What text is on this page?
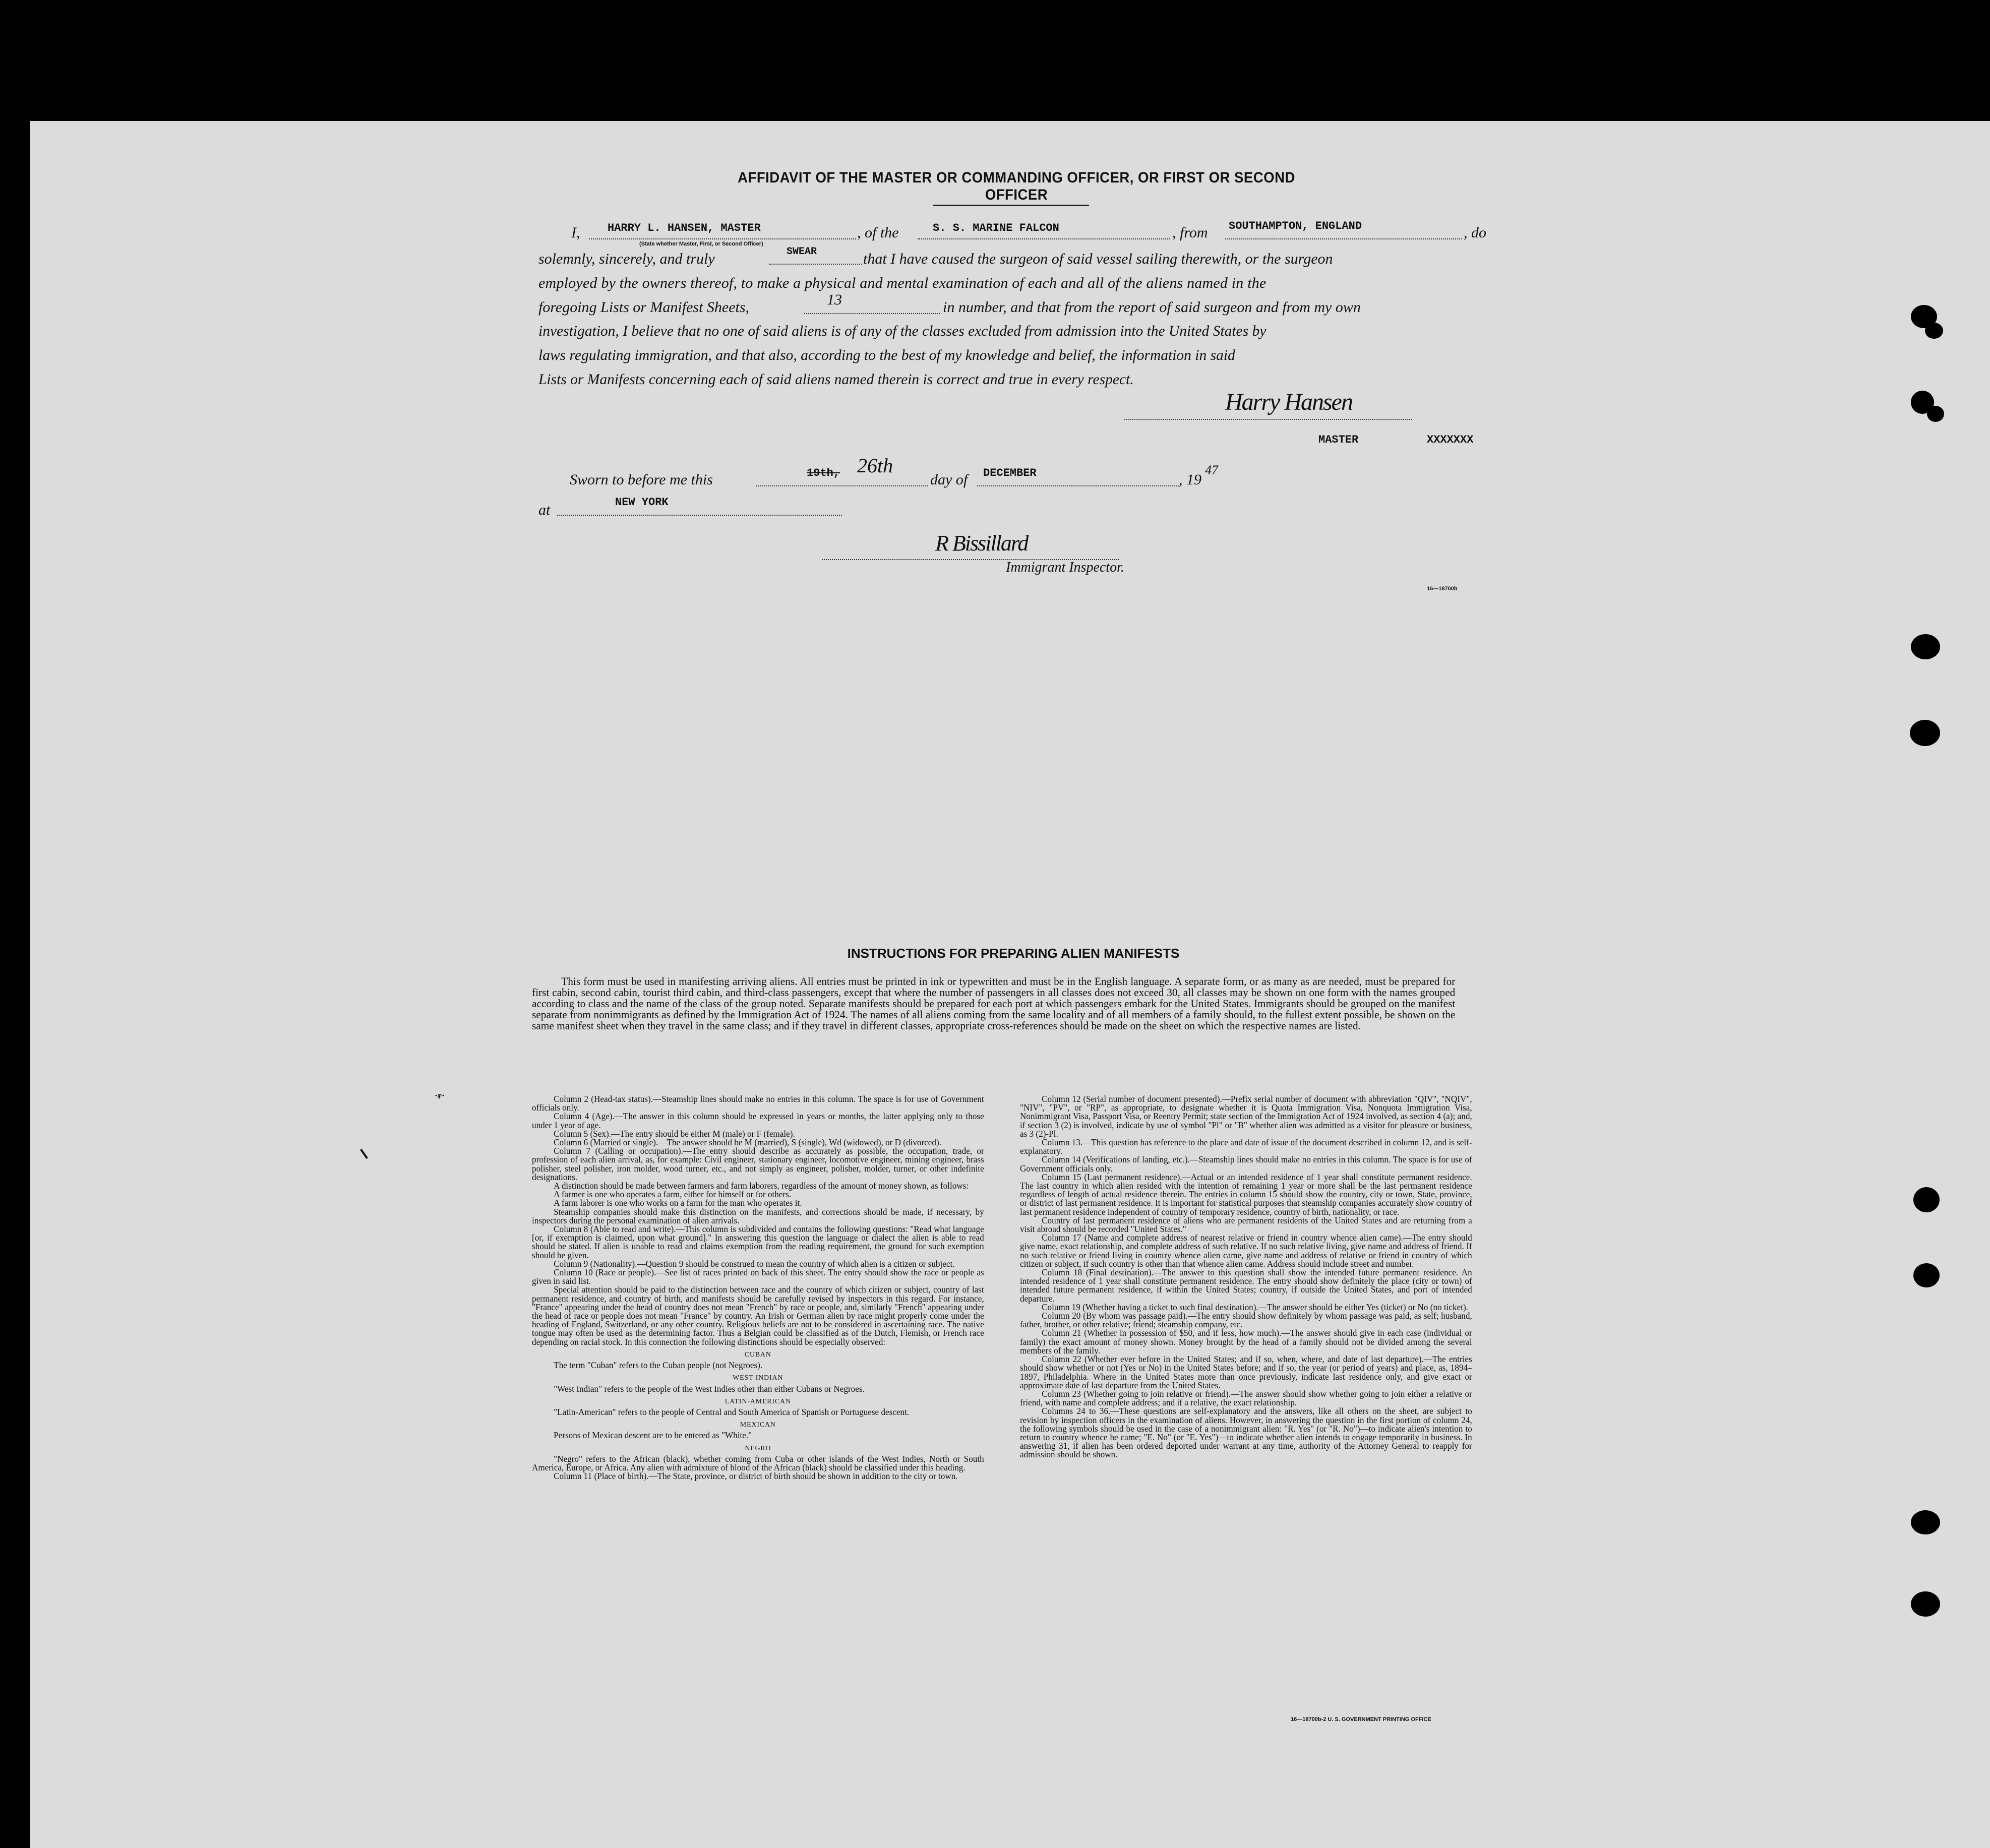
AFFIDAVIT OF THE MASTER OR COMMANDING OFFICER, OR FIRST OR SECOND OFFICER
I, HARRY L. HANSEN, MASTER
(State whether Master, First, or Second Officer)
, of the	S. S. MARINE FALCON	, from SOUTHAMPTON, ENGLAND	, do
solemnly, sincerely, and truly	SWEAR	that I have caused the surgeon of said vessel sailing therewith, or the surgeon
employed by the owners thereof, to make a physical and mental examination of each and all of the aliens named in the
foregoing Lists or Manifest Sheets,	13	in number, and that from the report of said surgeon and from my own
investigation, I believe that no one of said aliens is of any of the classes excluded from admission into the United States by
laws regulating immigration, and that also, according to the best of my knowledge and belief, the information in said
Lists or Manifests concerning each of said aliens named therein is correct and true in every respect.
Harry Hansen
MASTER	XXXXXXX
Sworn to before me this	19th, 26th
day of DECEMBER	, 19
47
at	NEW YORK
R Bissillard
Immigrant Inspector.
16—18700b
INSTRUCTIONS FOR PREPARING ALIEN MANIFESTS
This form must be used in manifesting arriving aliens. All entries must be printed in ink or typewritten and must be in the English language. A separate form, or as many as are needed, must be prepared for first cabin, second cabin, tourist third cabin, and third-class passengers, except that where the number of passengers in all classes does not exceed 30, all classes may be shown on one form with the names grouped according to class and the name of the class of the group noted. Separate manifests should be prepared for each port at which passengers embark for the United States. Immigrants should be grouped on the manifest separate from nonimmigrants as defined by the Immigration Act of 1924. The names of all aliens coming from the same locality and of all members of a family should, to the fullest extent possible, be shown on the same manifest sheet when they travel in the same class; and if they travel in different classes, appropriate cross-references should be made on the sheet on which the respective names are listed.

Column 2 (Head-tax status).—Steamship lines should make no entries in this column. The space is for use of Government officials only.

Column 4 (Age).—The answer in this column should be expressed in years or months, the latter applying only to those under 1 year of age.

Column 5 (Sex).—The entry should be either M (male) or F (female).

Column 6 (Married or single).—The answer should be M (married), S (single), Wd (widowed), or D (divorced).

Column 7 (Calling or occupation).—The entry should describe as accurately as possible, the occupation, trade, or profession of each alien arrival, as, for example: Civil engineer, stationary engineer, locomotive engineer, mining engineer, brass polisher, steel polisher, iron molder, wood turner, etc., and not simply as engineer, polisher, molder, turner, or other indefinite designations.

A distinction should be made between farmers and farm laborers, regardless of the amount of money shown, as follows:

A farmer is one who operates a farm, either for himself or for others.

A farm laborer is one who works on a farm for the man who operates it.

Steamship companies should make this distinction on the manifests, and corrections should be made, if necessary, by inspectors during the personal examination of alien arrivals.

Column 8 (Able to read and write).—This column is subdivided and contains the following questions: "Read what language [or, if exemption is claimed, upon what ground]." In answering this question the language or dialect the alien is able to read should be stated. If alien is unable to read and claims exemption from the reading requirement, the ground for such exemption should be given.

Column 9 (Nationality).—Question 9 should be construed to mean the country of which alien is a citizen or subject.

Column 10 (Race or people).—See list of races printed on back of this sheet. The entry should show the race or people as given in said list.

Special attention should be paid to the distinction between race and the country of which citizen or subject, country of last permanent residence, and country of birth, and manifests should be carefully revised by inspectors in this regard. For instance, "France" appearing under the head of country does not mean "French" by race or people, and, similarly "French" appearing under the head of race or people does not mean "France" by country. An Irish or German alien by race might properly come under the heading of England, Switzerland, or any other country. Religious beliefs are not to be considered in ascertaining race. The native tongue may often be used as the determining factor. Thus a Belgian could be classified as of the Dutch, Flemish, or French race depending on racial stock. In this connection the following distinctions should be especially observed:

CUBAN

The term "Cuban" refers to the Cuban people (not Negroes).

WEST INDIAN

"West Indian" refers to the people of the West Indies other than either Cubans or Negroes.

LATIN-AMERICAN

"Latin-American" refers to the people of Central and South America of Spanish or Portuguese descent.

MEXICAN

Persons of Mexican descent are to be entered as "White."

NEGRO

"Negro" refers to the African (black), whether coming from Cuba or other islands of the West Indies, North or South America, Europe, or Africa. Any alien with admixture of blood of the African (black) should be classified under this heading.

Column 11 (Place of birth).—The State, province, or district of birth should be shown in addition to the city or town.

Column 12 (Serial number of document presented).—Prefix serial number of document with abbreviation "QIV", "NQIV", "NIV", "PV", or "RP", as appropriate, to designate whether it is Quota Immigration Visa, Nonquota Immigration Visa, Nonimmigrant Visa, Passport Visa, or Reentry Permit; state section of the Immigration Act of 1924 involved, as section 4 (a); and, if section 3 (2) is involved, indicate by use of symbol "Pl" or "B" whether alien was admitted as a visitor for pleasure or business, as 3 (2)-Pl.

Column 13.—This question has reference to the place and date of issue of the document described in column 12, and is self-explanatory.

Column 14 (Verifications of landing, etc.).—Steamship lines should make no entries in this column. The space is for use of Government officials only.

Column 15 (Last permanent residence).—Actual or an intended residence of 1 year shall constitute permanent residence. The last country in which alien resided with the intention of remaining 1 year or more shall be the last permanent residence regardless of length of actual residence therein. The entries in column 15 should show the country, city or town, State, province, or district of last permanent residence. It is important for statistical purposes that steamship companies accurately show country of last permanent residence independent of country of temporary residence, country of birth, nationality, or race.

Country of last permanent residence of aliens who are permanent residents of the United States and are returning from a visit abroad should be recorded "United States."

Column 17 (Name and complete address of nearest relative or friend in country whence alien came).—The entry should give name, exact relationship, and complete address of such relative. If no such relative living, give name and address of friend. If no such relative or friend living in country whence alien came, give name and address of relative or friend in country of which citizen or subject, if such country is other than that whence alien came. Address should include street and number.

Column 18 (Final destination).—The answer to this question shall show the intended future permanent residence. An intended residence of 1 year shall constitute permanent residence. The entry should show definitely the place (city or town) of intended future permanent residence, if within the United States; country, if outside the United States, and port of intended departure.

Column 19 (Whether having a ticket to such final destination).—The answer should be either Yes (ticket) or No (no ticket).

Column 20 (By whom was passage paid).—The entry should show definitely by whom passage was paid, as self; husband, father, brother, or other relative; friend; steamship company, etc.

Column 21 (Whether in possession of $50, and if less, how much).—The answer should give in each case (individual or family) the exact amount of money shown. Money brought by the head of a family should not be divided among the several members of the family.

Column 22 (Whether ever before in the United States; and if so, when, where, and date of last departure).—The entries should show whether or not (Yes or No) in the United States before; and if so, the year (or period of years) and place, as, 1894–1897, Philadelphia. Where in the United States more than once previously, indicate last residence only, and give exact or approximate date of last departure from the United States.

Column 23 (Whether going to join relative or friend).—The answer should show whether going to join either a relative or friend, with name and complete address; and if a relative, the exact relationship.

Columns 24 to 36.—These questions are self-explanatory and the answers, like all others on the sheet, are subject to revision by inspection officers in the examination of aliens. However, in answering the question in the first portion of column 24, the following symbols should be used in the case of a nonimmigrant alien: "R. Yes" (or "R. No")—to indicate alien's intention to return to country whence he came; "E. No" (or "E. Yes")—to indicate whether alien intends to engage temporarily in business. In answering 31, if alien has been ordered deported under warrant at any time, authority of the Attorney General to reapply for admission should be shown.

16—18700b-2 U. S. GOVERNMENT PRINTING OFFICE
·ᵲ·
